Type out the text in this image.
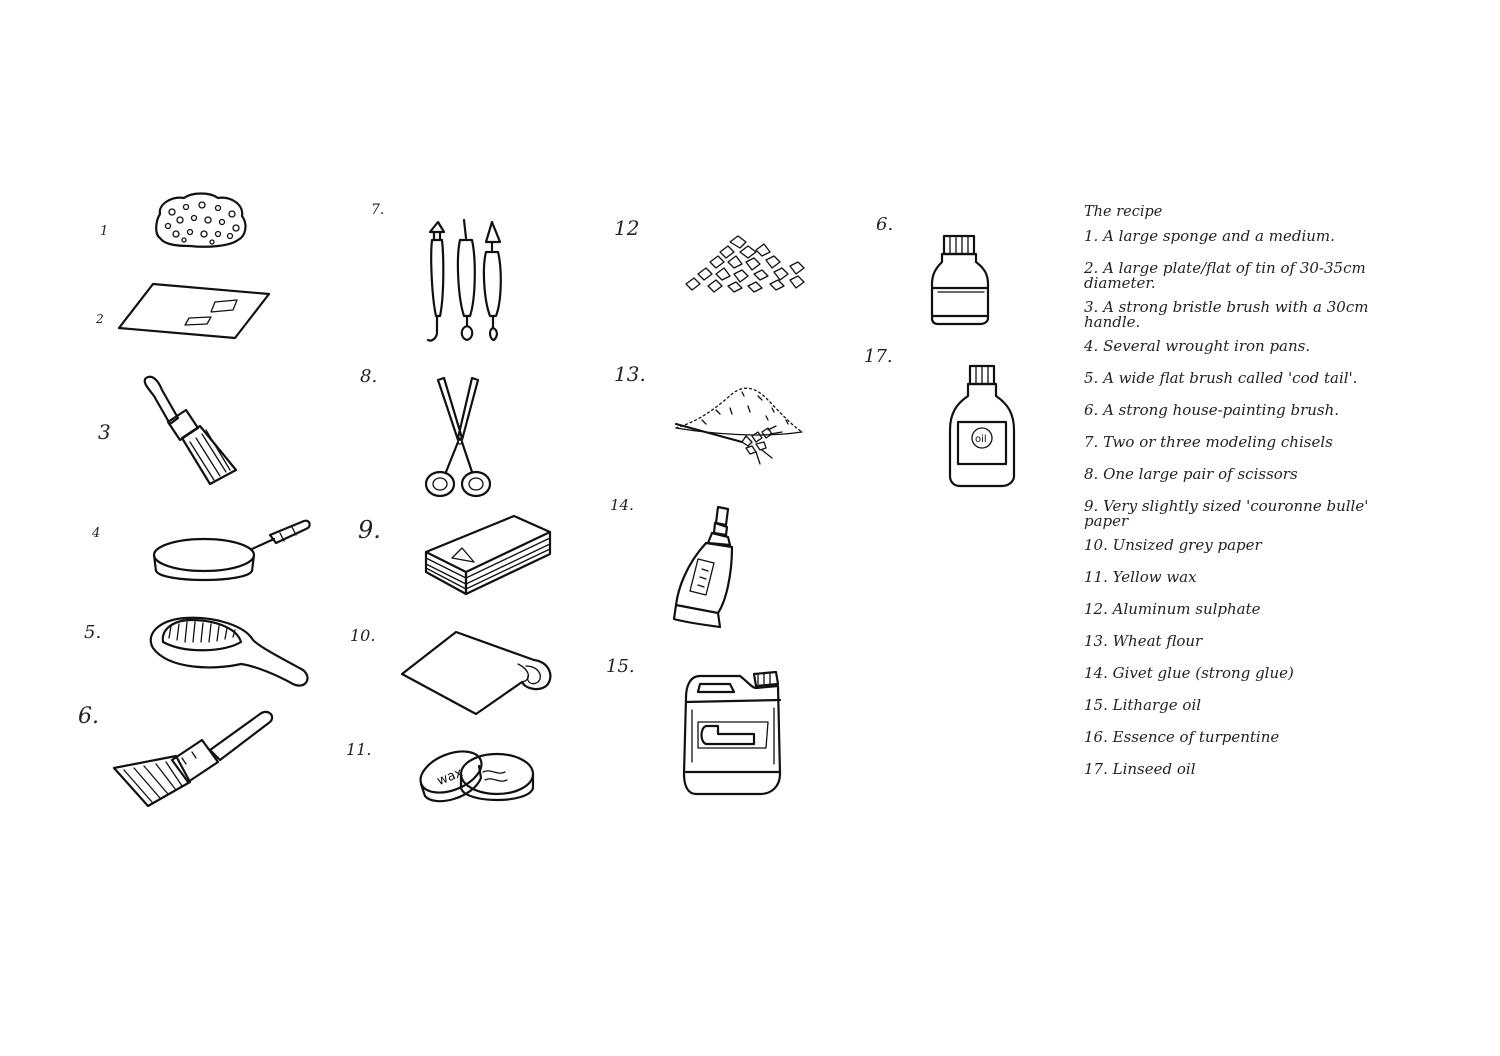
1
2
3
4
5.
6.
7.
8.
9.
10.
11.
wax
12
13.
14.
15.
6.
17.
oil
The recipe
1. A large sponge and a medium.
2. A large plate/flat of tin of 30-35cm diameter.
3. A strong bristle brush with a 30cm handle.
4. Several wrought iron pans.
5. A wide flat brush called 'cod tail'.
6. A strong house-painting brush.
7. Two or three modeling chisels
8. One large pair of scissors
9. Very slightly sized 'couronne bulle' paper
10. Unsized grey paper
11. Yellow wax
12. Aluminum sulphate
13. Wheat flour
14. Givet glue (strong glue)
15. Litharge oil
16. Essence of turpentine
17. Linseed oil
